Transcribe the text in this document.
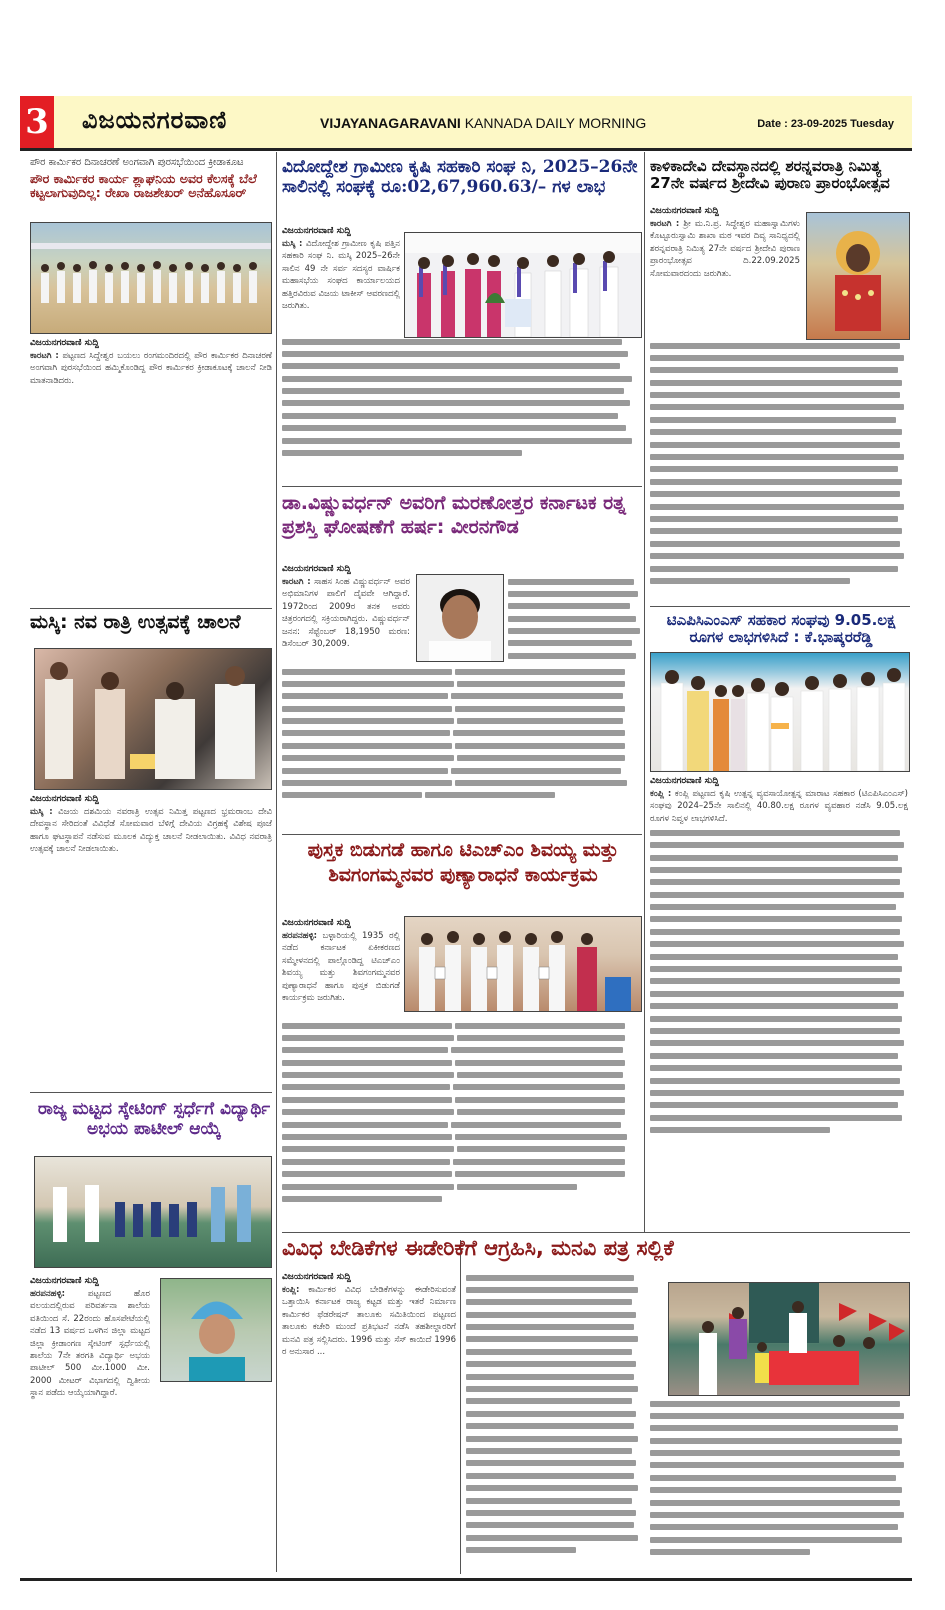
3 ವಿಜಯನಗರವಾಣಿ	VIJAYANAGARAVANI KANNADA DAILY MORNING	Date : 23-09-2025 Tuesday
ಪೌರ ಕಾರ್ಮಿಕರ ದಿನಾಚರಣೆ ಅಂಗವಾಗಿ ಪುರಸಭೆಯಿಂದ ಕ್ರೀಡಾಕೂಟ
ಪೌರ ಕಾರ್ಮಿಕರ ಕಾರ್ಯ ಶ್ಲಾಘನಿಯ ಅವರ ಕೆಲಸಕ್ಕೆ ಬೆಲೆ ಕಟ್ಟಲಾಗುವುದಿಲ್ಲ: ರೇಖಾ ರಾಜಶೇಖರ್ ಅನೆಹೊಸೂರ್
ವಿಜಯನಗರವಾಣಿ ಸುದ್ದಿ
ಕಾರಟಗಿ : ಪಟ್ಟಣದ ಸಿದ್ದೇಶ್ವರ ಬಯಲು ರಂಗಮಂದಿರದಲ್ಲಿ ಪೌರ ಕಾರ್ಮಿಕರ ದಿನಾಚರಣೆ ಅಂಗವಾಗಿ ಪುರಸಭೆಯಿಂದ ಹಮ್ಮಿಕೊಂಡಿದ್ದ ಪೌರ ಕಾರ್ಮಿಕರ ಕ್ರೀಡಾಕೂಟಕ್ಕೆ ಚಾಲನೆ ನೀಡಿ ಮಾತನಾಡಿದರು.
ಮಸ್ಕಿ: ನವ ರಾತ್ರಿ ಉತ್ಸವಕ್ಕೆ ಚಾಲನೆ
ವಿಜಯನಗರವಾಣಿ ಸುದ್ದಿ
ಮಸ್ಕಿ : ವಿಜಯ ದಶಮಿಯ ನವರಾತ್ರಿ ಉತ್ಸವ ನಿಮಿತ್ತ ಪಟ್ಟಣದ ಭ್ರಮರಾಂಬ ದೇವಿ ದೇವಸ್ಥಾನ ಸೇರಿದಂತೆ ವಿವಿಧೆಡೆ ಸೋಮವಾರ ಬೆಳಿಗ್ಗೆ ದೇವಿಯ ವಿಗ್ರಹಕ್ಕೆ ವಿಶೇಷ ಪೂಜೆ ಹಾಗೂ ಘಟಸ್ಥಾಪನೆ ನಡೆಸುವ ಮೂಲಕ ವಿದ್ಯುಕ್ತ ಚಾಲನೆ ನೀಡಲಾಯಿತು. ವಿವಿಧ ನವರಾತ್ರಿ ಉತ್ಸವಕ್ಕೆ ಚಾಲನೆ ನೀಡಲಾಯಿತು.
ರಾಜ್ಯ ಮಟ್ಟದ ಸ್ಕೇಟಿಂಗ್ ಸ್ಪರ್ಧೆಗೆ ವಿದ್ಯಾರ್ಥಿ ಅಭಯ ಪಾಟೀಲ್ ಆಯ್ಕೆ
ವಿಜಯನಗರವಾಣಿ ಸುದ್ದಿ
ಹರಪನಹಳ್ಳಿ:	ಪಟ್ಟಣದ ಹೊರ ವಲಯದಲ್ಲಿರುವ ಪರಿವರ್ತನಾ ಶಾಲೆಯ ವತಿಯಿಂದ ಸೆ. 22ರಂದು ಹೊಸಪೇಟೆಯಲ್ಲಿ ನಡೆದ 13 ವರ್ಷದ ಒಳಗಿನ ಜಿಲ್ಲಾ ಮಟ್ಟದ ಜಿಲ್ಲಾ ಕ್ರೀಡಾಂಗಣ ಸ್ಕೇಟಿಂಗ್ ಸ್ಪರ್ಧೆಯಲ್ಲಿ ಶಾಲೆಯ 7ನೇ ತರಗತಿ ವಿದ್ಯಾರ್ಥಿ ಅಭಯ ಪಾಟೀಲ್ 500 ಮೀ.1000 ಮೀ. 2000 ಮೀಟರ್ ವಿಭಾಗದಲ್ಲಿ ದ್ವಿತೀಯ ಸ್ಥಾನ ಪಡೆದು ಆಯ್ಕೆಯಾಗಿದ್ದಾರೆ.
ವಿದೋದ್ದೇಶ ಗ್ರಾಮೀಣ ಕೃಷಿ ಸಹಕಾರಿ ಸಂಘ ನಿ, 2025–26ನೇ ಸಾಲಿನಲ್ಲಿ ಸಂಘಕ್ಕೆ ರೂ:02,67,960.63/– ಗಳ ಲಾಭ
ವಿಜಯನಗರವಾಣಿ ಸುದ್ದಿ
ಮಸ್ಕಿ : ವಿದೋದ್ದೇಶ ಗ್ರಾಮೀಣ ಕೃಷಿ ಪತ್ತಿನ ಸಹಕಾರಿ ಸಂಘ ನಿ. ಮಸ್ಕಿ 2025–26ನೇ ಸಾಲಿನ 49 ನೇ ಸರ್ವ ಸದಸ್ಯರ ವಾರ್ಷಿಕ ಮಹಾಸಭೆಯ ಸಂಘದ ಕಾರ್ಯಾಲಯದ ಹತ್ತಿರವಿರುವ ವಿಜಯ ಟಾಕೀಸ್ ಆವರಣದಲ್ಲಿ ಜರುಗಿತು.
ಡಾ.ವಿಷ್ಣುವರ್ಧನ್ ಅವರಿಗೆ ಮರಣೋತ್ತರ ಕರ್ನಾಟಕ ರತ್ನ ಪ್ರಶಸ್ತಿ ಘೋಷಣೆಗೆ ಹರ್ಷ: ವೀರನಗೌಡ
ವಿಜಯನಗರವಾಣಿ ಸುದ್ದಿ
ಕಾರಟಗಿ : ಸಾಹಸ ಸಿಂಹ ವಿಷ್ಣುವರ್ಧನ್ ಅವರ ಅಭಿಮಾನಿಗಳ ಪಾಲಿಗೆ ದೈವವೇ ಆಗಿದ್ದಾರೆ. 1972ರಿಂದ 2009ರ ತನಕ ಅವರು ಚಿತ್ರರಂಗದಲ್ಲಿ ಸಕ್ರಿಯರಾಗಿದ್ದರು. ವಿಷ್ಣುವರ್ಧನ್ ಜನನ: ಸೆಪ್ಟೆಂಬರ್ 18,1950 ಮರಣ: ಡಿಸೆಂಬರ್ 30,2009.
ಪುಸ್ತಕ ಬಿಡುಗಡೆ ಹಾಗೂ ಟಿಎಚ್ಎಂ ಶಿವಯ್ಯ ಮತ್ತು ಶಿವಗಂಗಮ್ಮನವರ ಪುಣ್ಯಾರಾಧನೆ ಕಾರ್ಯಕ್ರಮ
ವಿಜಯನಗರವಾಣಿ ಸುದ್ದಿ
ಹರಪನಹಳ್ಳಿ: ಬಳ್ಳಾರಿಯಲ್ಲಿ 1935 ರಲ್ಲಿ ನಡೆದ ಕರ್ನಾಟಕ ಏಕೀಕರಣದ ಸಮ್ಮೇಳನದಲ್ಲಿ ಪಾಲ್ಗೊಂಡಿದ್ದ ಟಿಎಚ್ಎಂ ಶಿವಯ್ಯ ಮತ್ತು ಶಿವಗಂಗಮ್ಮನವರ ಪುಣ್ಯಾರಾಧನೆ ಹಾಗೂ ಪುಸ್ತಕ ಬಿಡುಗಡೆ ಕಾರ್ಯಕ್ರಮ ಜರುಗಿತು.
ಕಾಳಿಕಾದೇವಿ ದೇವಸ್ಥಾನದಲ್ಲಿ ಶರನ್ನವರಾತ್ರಿ ನಿಮಿತ್ಯ 27ನೇ ವರ್ಷದ ಶ್ರೀದೇವಿ ಪುರಾಣ ಪ್ರಾರಂಭೋತ್ಸವ
ವಿಜಯನಗರವಾಣಿ ಸುದ್ದಿ
ಕಾರಟಗಿ : ಶ್ರೀ ಮ.ನಿ.ಪ್ರ. ಸಿದ್ಧೇಶ್ವರ ಮಹಾಸ್ವಾಮಿಗಳು ಕೊಟ್ಟೂರುಸ್ವಾಮಿ ಶಾಖಾ ಮಠ ಇವರ ದಿವ್ಯ ಸಾನಿಧ್ಯದಲ್ಲಿ ಶರನ್ನವರಾತ್ರಿ ನಿಮಿತ್ಯ 27ನೇ ವರ್ಷದ ಶ್ರೀದೇವಿ ಪುರಾಣ ಪ್ರಾರಂಭೋತ್ಸವ ದಿ.22.09.2025 ಸೋಮವಾರದಂದು ಜರುಗಿತು.
ಟಿಎಪಿಸಿಎಂಎಸ್ ಸಹಕಾರ ಸಂಘವು 9.05.ಲಕ್ಷ ರೂಗಳ ಲಾಭಗಳಿಸಿದೆ : ಕೆ.ಭಾಷ್ಕರರೆಡ್ಡಿ
ವಿಜಯನಗರವಾಣಿ ಸುದ್ದಿ
ಕಂಪ್ಲಿ : ಕಂಪ್ಲಿ ಪಟ್ಟಣದ ಕೃಷಿ ಉತ್ಪನ್ನ ವ್ಯವಸಾಯೋತ್ಪನ್ನ ಮಾರಾಟ ಸಹಕಾರ (ಟಿಎಪಿಸಿಎಂಎಸ್) ಸಂಘವು 2024–25ನೇ ಸಾಲಿನಲ್ಲಿ 40.80.ಲಕ್ಷ ರೂಗಳ ವ್ಯವಹಾರ ನಡೆಸಿ 9.05.ಲಕ್ಷ ರೂಗಳ ನಿವ್ವಳ ಲಾಭಗಳಿಸಿದೆ.
ವಿವಿಧ ಬೇಡಿಕೆಗಳ ಈಡೇರಿಕೆಗೆ ಆಗ್ರಹಿಸಿ, ಮನವಿ ಪತ್ರ ಸಲ್ಲಿಕೆ
ವಿಜಯನಗರವಾಣಿ ಸುದ್ದಿ
ಕಂಪ್ಲಿ: ಕಾರ್ಮಿಕರ ವಿವಿಧ ಬೇಡಿಕೆಗಳನ್ನು ಈಡೇರಿಸುವಂತೆ ಒತ್ತಾಯಿಸಿ ಕರ್ನಾಟಕ ರಾಜ್ಯ ಕಟ್ಟಡ ಮತ್ತು ಇತರೆ ನಿರ್ಮಾಣ ಕಾರ್ಮಿಕರ ಫೆಡರೇಷನ್ ತಾಲೂಕು ಸಮಿತಿಯಿಂದ ಪಟ್ಟಣದ ತಾಲೂಕು ಕಚೇರಿ ಮುಂದೆ ಪ್ರತಿಭಟನೆ ನಡೆಸಿ ತಹಶೀಲ್ದಾರರಿಗೆ ಮನವಿ ಪತ್ರ ಸಲ್ಲಿಸಿದರು. 1996 ಮತ್ತು ಸೆಸ್ ಕಾಯಿದೆ 1996 ರ ಅನುಸಾರ ...
